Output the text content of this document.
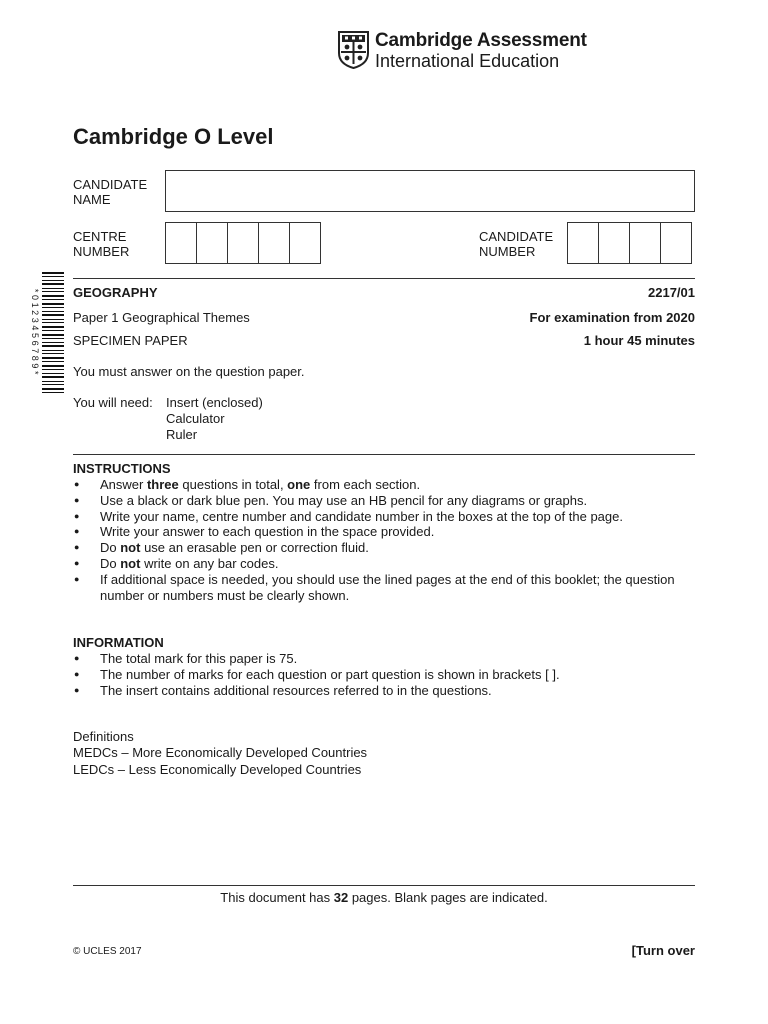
Cambridge Assessment
International Education
Cambridge O Level
CANDIDATE
NAME
CENTRE
NUMBER
CANDIDATE
NUMBER
*0123456789*	GEOGRAPHY	2217/01
Paper 1 Geographical Themes	For examination from 2020
SPECIMEN PAPER	1 hour 45 minutes
You must answer on the question paper.
You will need: Insert (enclosed)
Calculator
Ruler
INSTRUCTIONS
● Answer three questions in total, one from each section.
● Use a black or dark blue pen. You may use an HB pencil for any diagrams or graphs.
● Write your name, centre number and candidate number in the boxes at the top of the page.
● Write your answer to each question in the space provided.
● Do not use an erasable pen or correction fluid.
● Do not write on any bar codes.
● If additional space is needed, you should use the lined pages at the end of this booklet; the question number or numbers must be clearly shown.
INFORMATION
● The total mark for this paper is 75.
● The number of marks for each question or part question is shown in brackets [ ].
● The insert contains additional resources referred to in the questions.
Definitions
MEDCs – More Economically Developed Countries
LEDCs – Less Economically Developed Countries
This document has 32 pages. Blank pages are indicated.
© UCLES 2017	[Turn over
